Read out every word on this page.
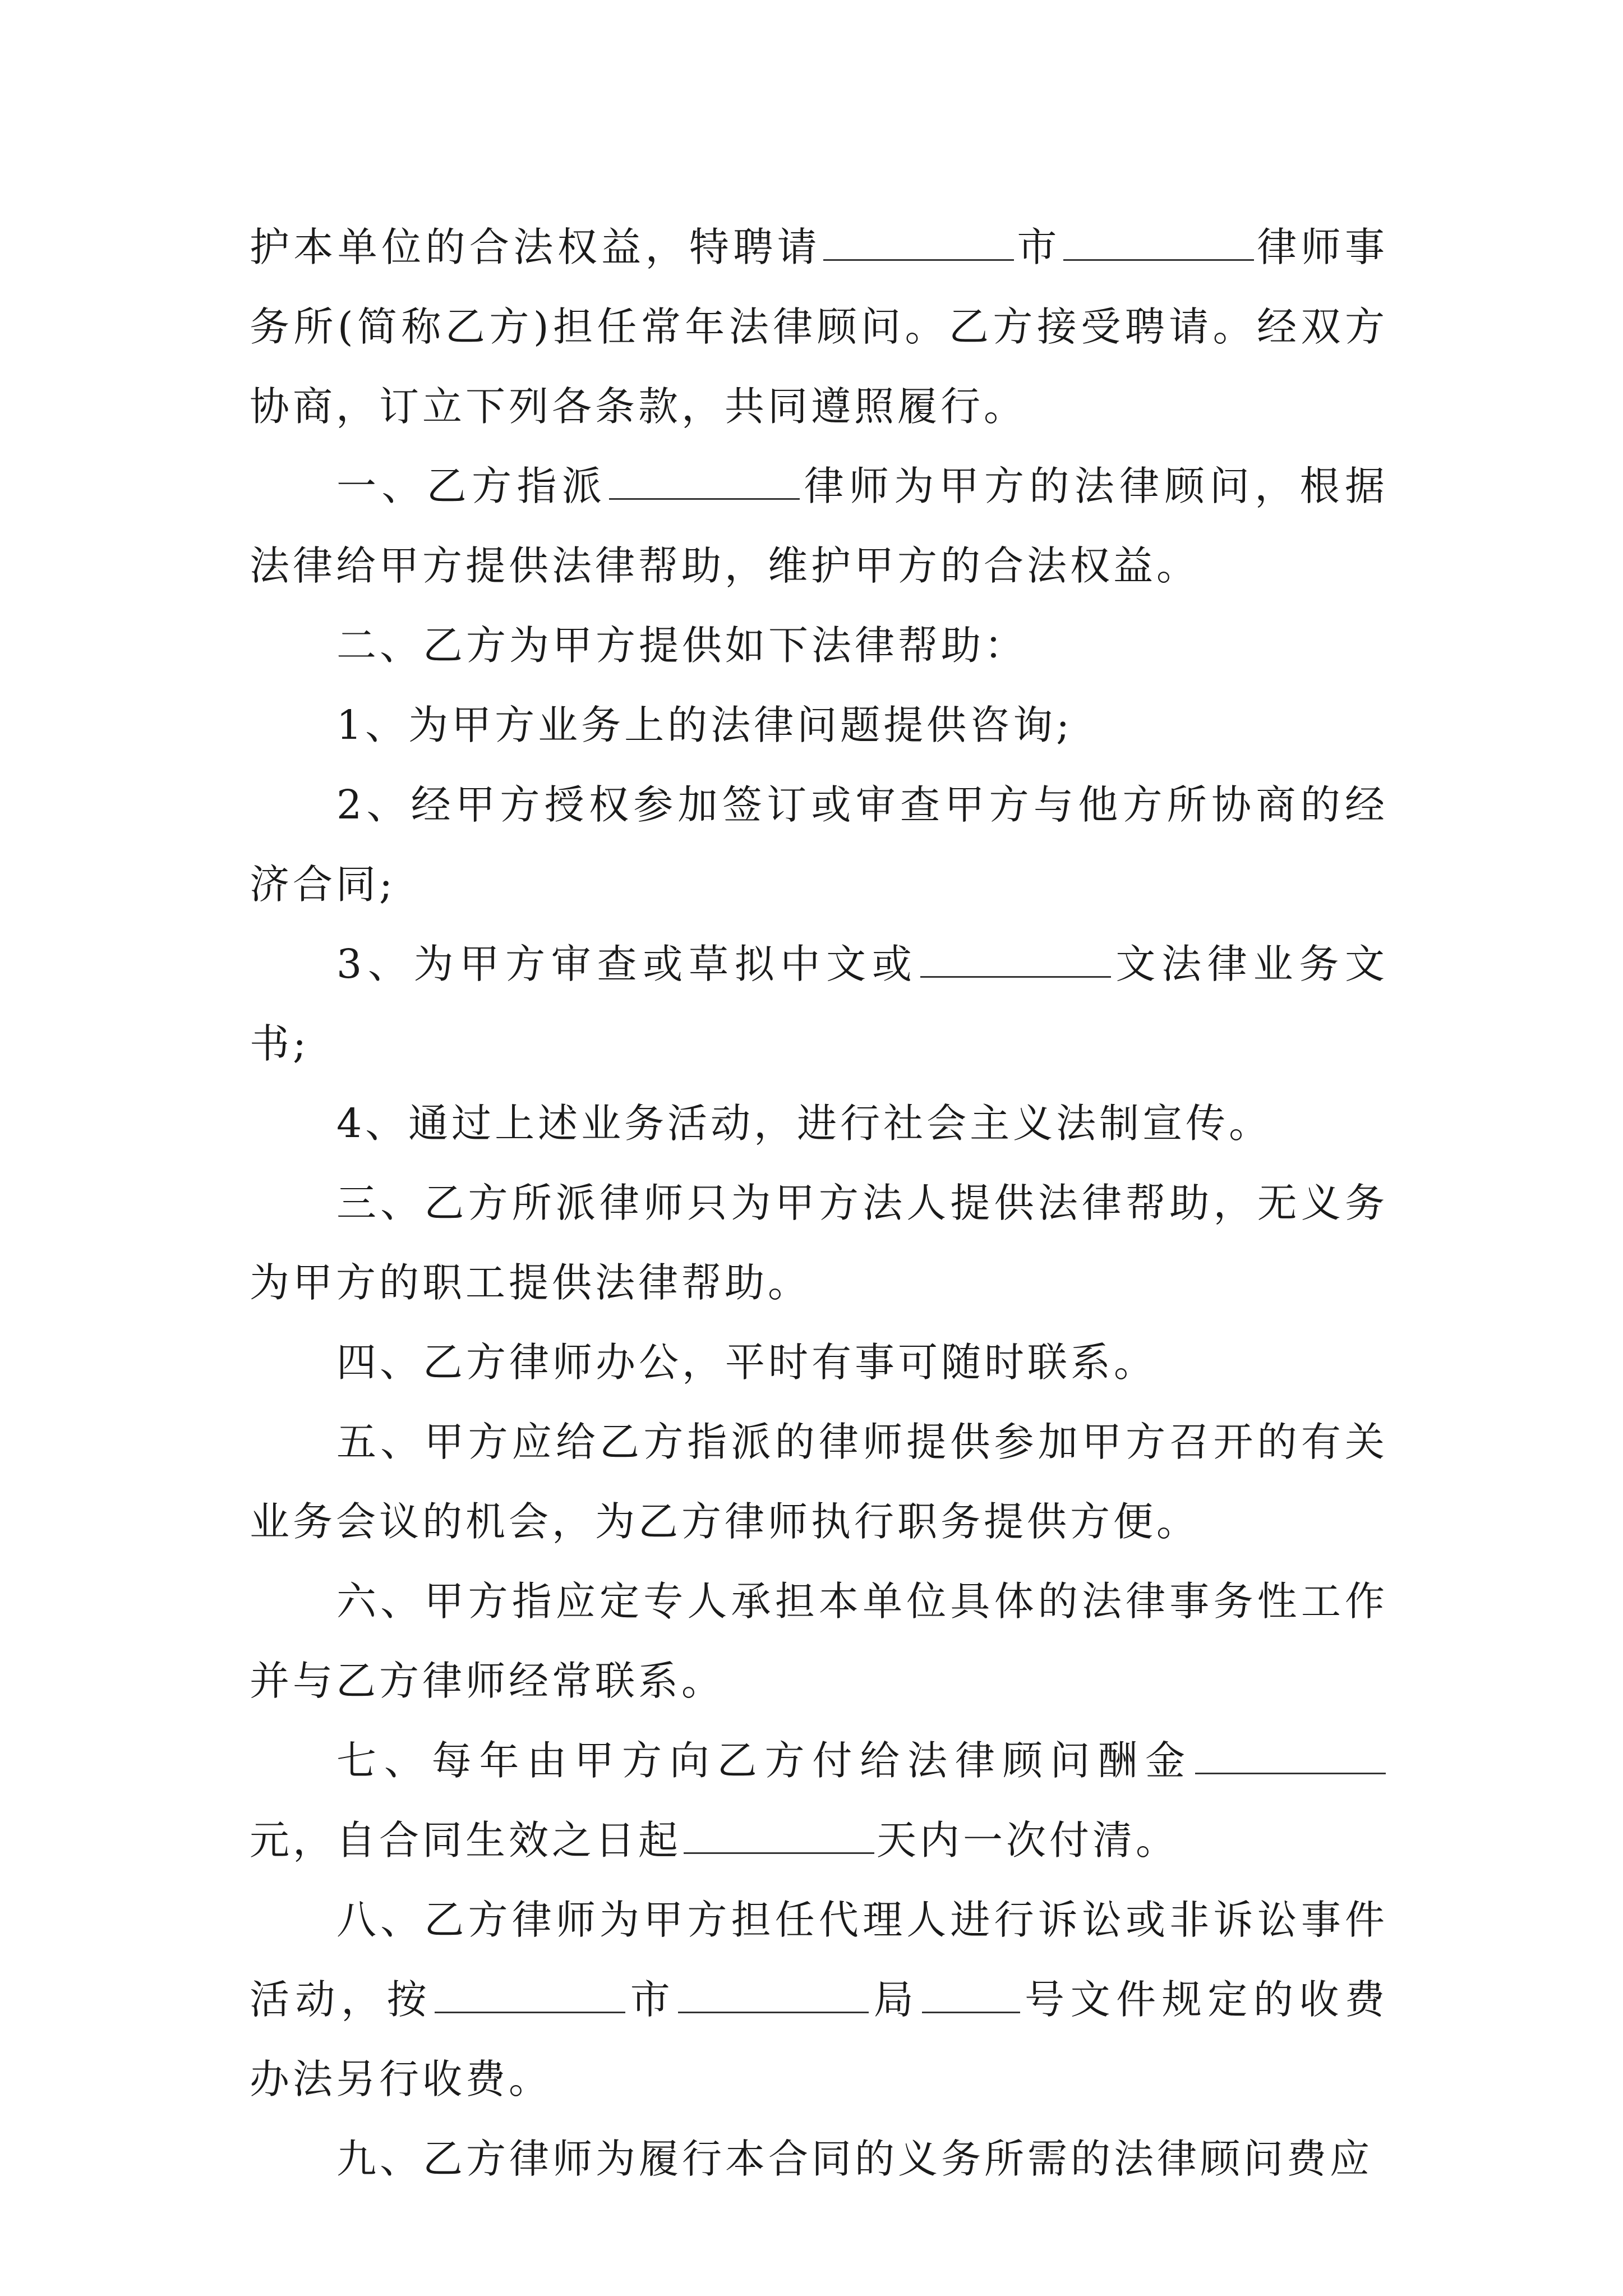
护本单位的合法权益，特聘请	市	律师事务所(简称乙方)担任常年法律顾问。乙方接受聘请。经双方协商，订立下列各条款，共同遵照履行。

一、乙方指派	律师为甲方的法律顾问，根据法律给甲方提供法律帮助，维护甲方的合法权益。

二、乙方为甲方提供如下法律帮助：

1、为甲方业务上的法律问题提供咨询;

2、经甲方授权参加签订或审查甲方与他方所协商的经济合同;

3、为甲方审查或草拟中文或	文法律业务文书;

4、通过上述业务活动，进行社会主义法制宣传。

三、乙方所派律师只为甲方法人提供法律帮助，无义务为甲方的职工提供法律帮助。

四、乙方律师办公，平时有事可随时联系。

五、甲方应给乙方指派的律师提供参加甲方召开的有关业务会议的机会，为乙方律师执行职务提供方便。

六、甲方指应定专人承担本单位具体的法律事务性工作并与乙方律师经常联系。

七、每年由甲方向乙方付给法律顾问酬金元，自合同生效之日起	天内一次付清。

八、乙方律师为甲方担任代理人进行诉讼或非诉讼事件活动，按	市	局	号文件规定的收费办法另行收费。

九、乙方律师为履行本合同的义务所需的法律顾问费应
